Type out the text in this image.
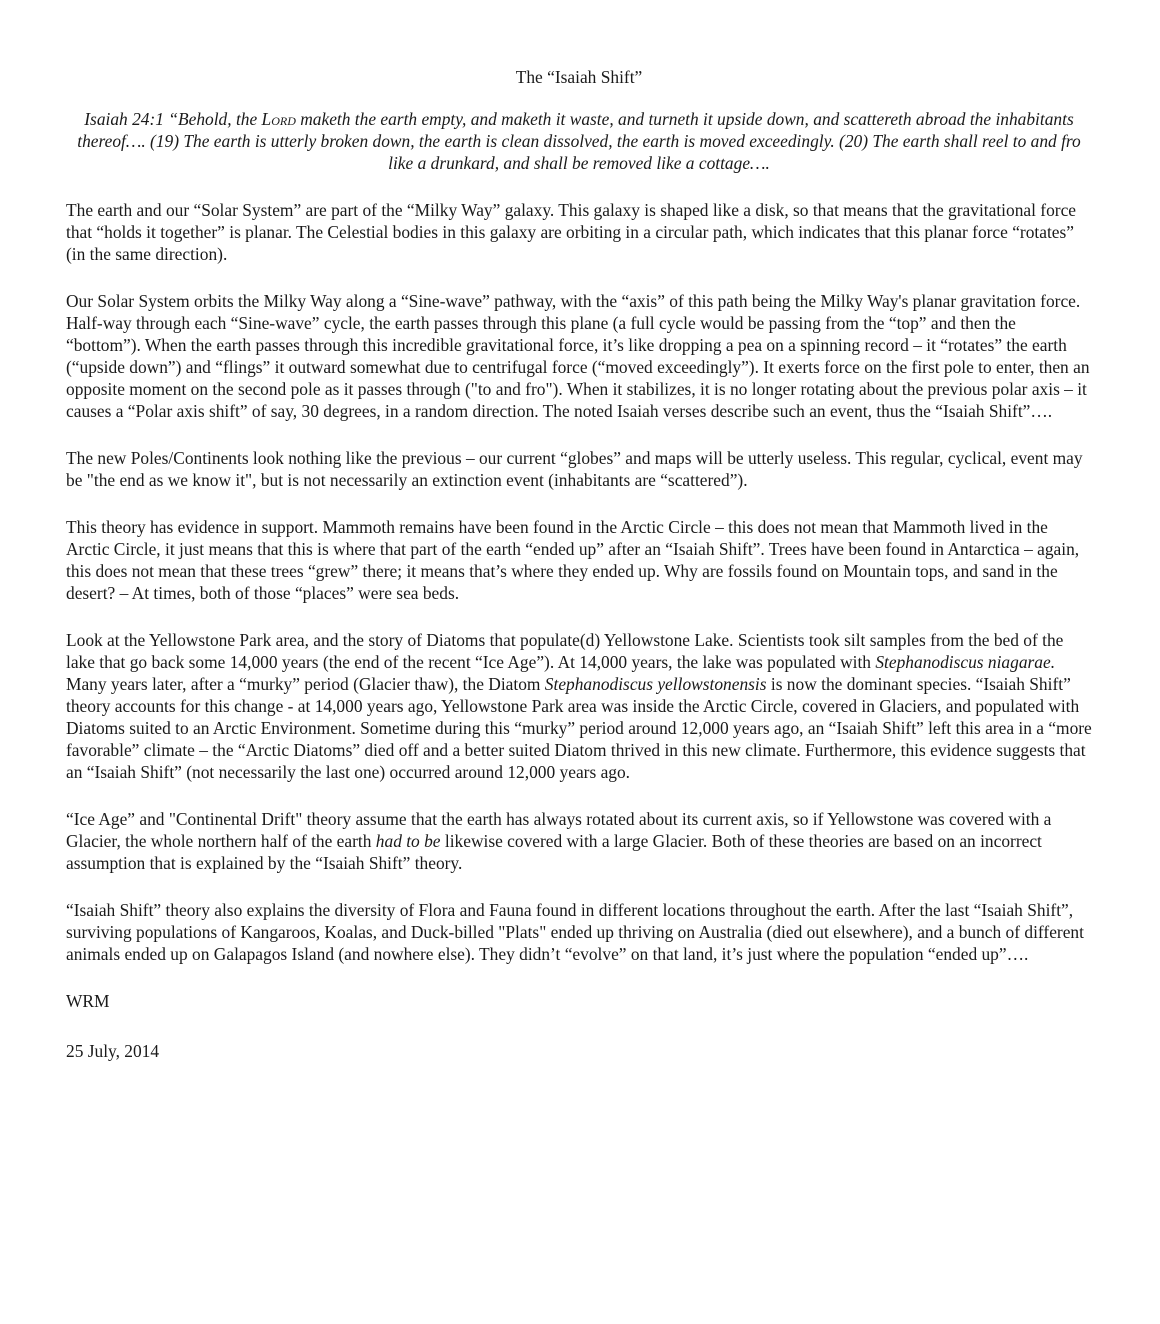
The “Isaiah Shift”
Isaiah 24:1 “Behold, the Lord maketh the earth empty, and maketh it waste, and turneth it upside down, and scattereth abroad the inhabitants thereof…. (19) The earth is utterly broken down, the earth is clean dissolved, the earth is moved exceedingly. (20) The earth shall reel to and fro like a drunkard, and shall be removed like a cottage….

The earth and our “Solar System” are part of the “Milky Way” galaxy. This galaxy is shaped like a disk, so that means that the gravitational force that “holds it together” is planar. The Celestial bodies in this galaxy are orbiting in a circular path, which indicates that this planar force “rotates” (in the same direction).

Our Solar System orbits the Milky Way along a “Sine-wave” pathway, with the “axis” of this path being the Milky Way's planar gravitation force. Half-way through each “Sine-wave” cycle, the earth passes through this plane (a full cycle would be passing from the “top” and then the “bottom”). When the earth passes through this incredible gravitational force, it’s like dropping a pea on a spinning record – it “rotates” the earth (“upside down”) and “flings” it outward somewhat due to centrifugal force (“moved exceedingly”). It exerts force on the first pole to enter, then an opposite moment on the second pole as it passes through ("to and fro"). When it stabilizes, it is no longer rotating about the previous polar axis – it causes a “Polar axis shift” of say, 30 degrees, in a random direction. The noted Isaiah verses describe such an event, thus the “Isaiah Shift”….

The new Poles/Continents look nothing like the previous – our current “globes” and maps will be utterly useless. This regular, cyclical, event may be "the end as we know it", but is not necessarily an extinction event (inhabitants are “scattered”).

This theory has evidence in support. Mammoth remains have been found in the Arctic Circle – this does not mean that Mammoth lived in the Arctic Circle, it just means that this is where that part of the earth “ended up” after an “Isaiah Shift”. Trees have been found in Antarctica – again, this does not mean that these trees “grew” there; it means that’s where they ended up. Why are fossils found on Mountain tops, and sand in the desert? – At times, both of those “places” were sea beds.

Look at the Yellowstone Park area, and the story of Diatoms that populate(d) Yellowstone Lake. Scientists took silt samples from the bed of the lake that go back some 14,000 years (the end of the recent “Ice Age”). At 14,000 years, the lake was populated with Stephanodiscus niagarae. Many years later, after a “murky” period (Glacier thaw), the Diatom Stephanodiscus yellowstonensis is now the dominant species. “Isaiah Shift” theory accounts for this change - at 14,000 years ago, Yellowstone Park area was inside the Arctic Circle, covered in Glaciers, and populated with Diatoms suited to an Arctic Environment. Sometime during this “murky” period around 12,000 years ago, an “Isaiah Shift” left this area in a “more favorable” climate – the “Arctic Diatoms” died off and a better suited Diatom thrived in this new climate. Furthermore, this evidence suggests that an “Isaiah Shift” (not necessarily the last one) occurred around 12,000 years ago.

“Ice Age” and "Continental Drift" theory assume that the earth has always rotated about its current axis, so if Yellowstone was covered with a Glacier, the whole northern half of the earth had to be likewise covered with a large Glacier. Both of these theories are based on an incorrect assumption that is explained by the “Isaiah Shift” theory.

“Isaiah Shift” theory also explains the diversity of Flora and Fauna found in different locations throughout the earth. After the last “Isaiah Shift”, surviving populations of Kangaroos, Koalas, and Duck-billed "Plats" ended up thriving on Australia (died out elsewhere), and a bunch of different animals ended up on Galapagos Island (and nowhere else). They didn’t “evolve” on that land, it’s just where the population “ended up”….

WRM

25 July, 2014
